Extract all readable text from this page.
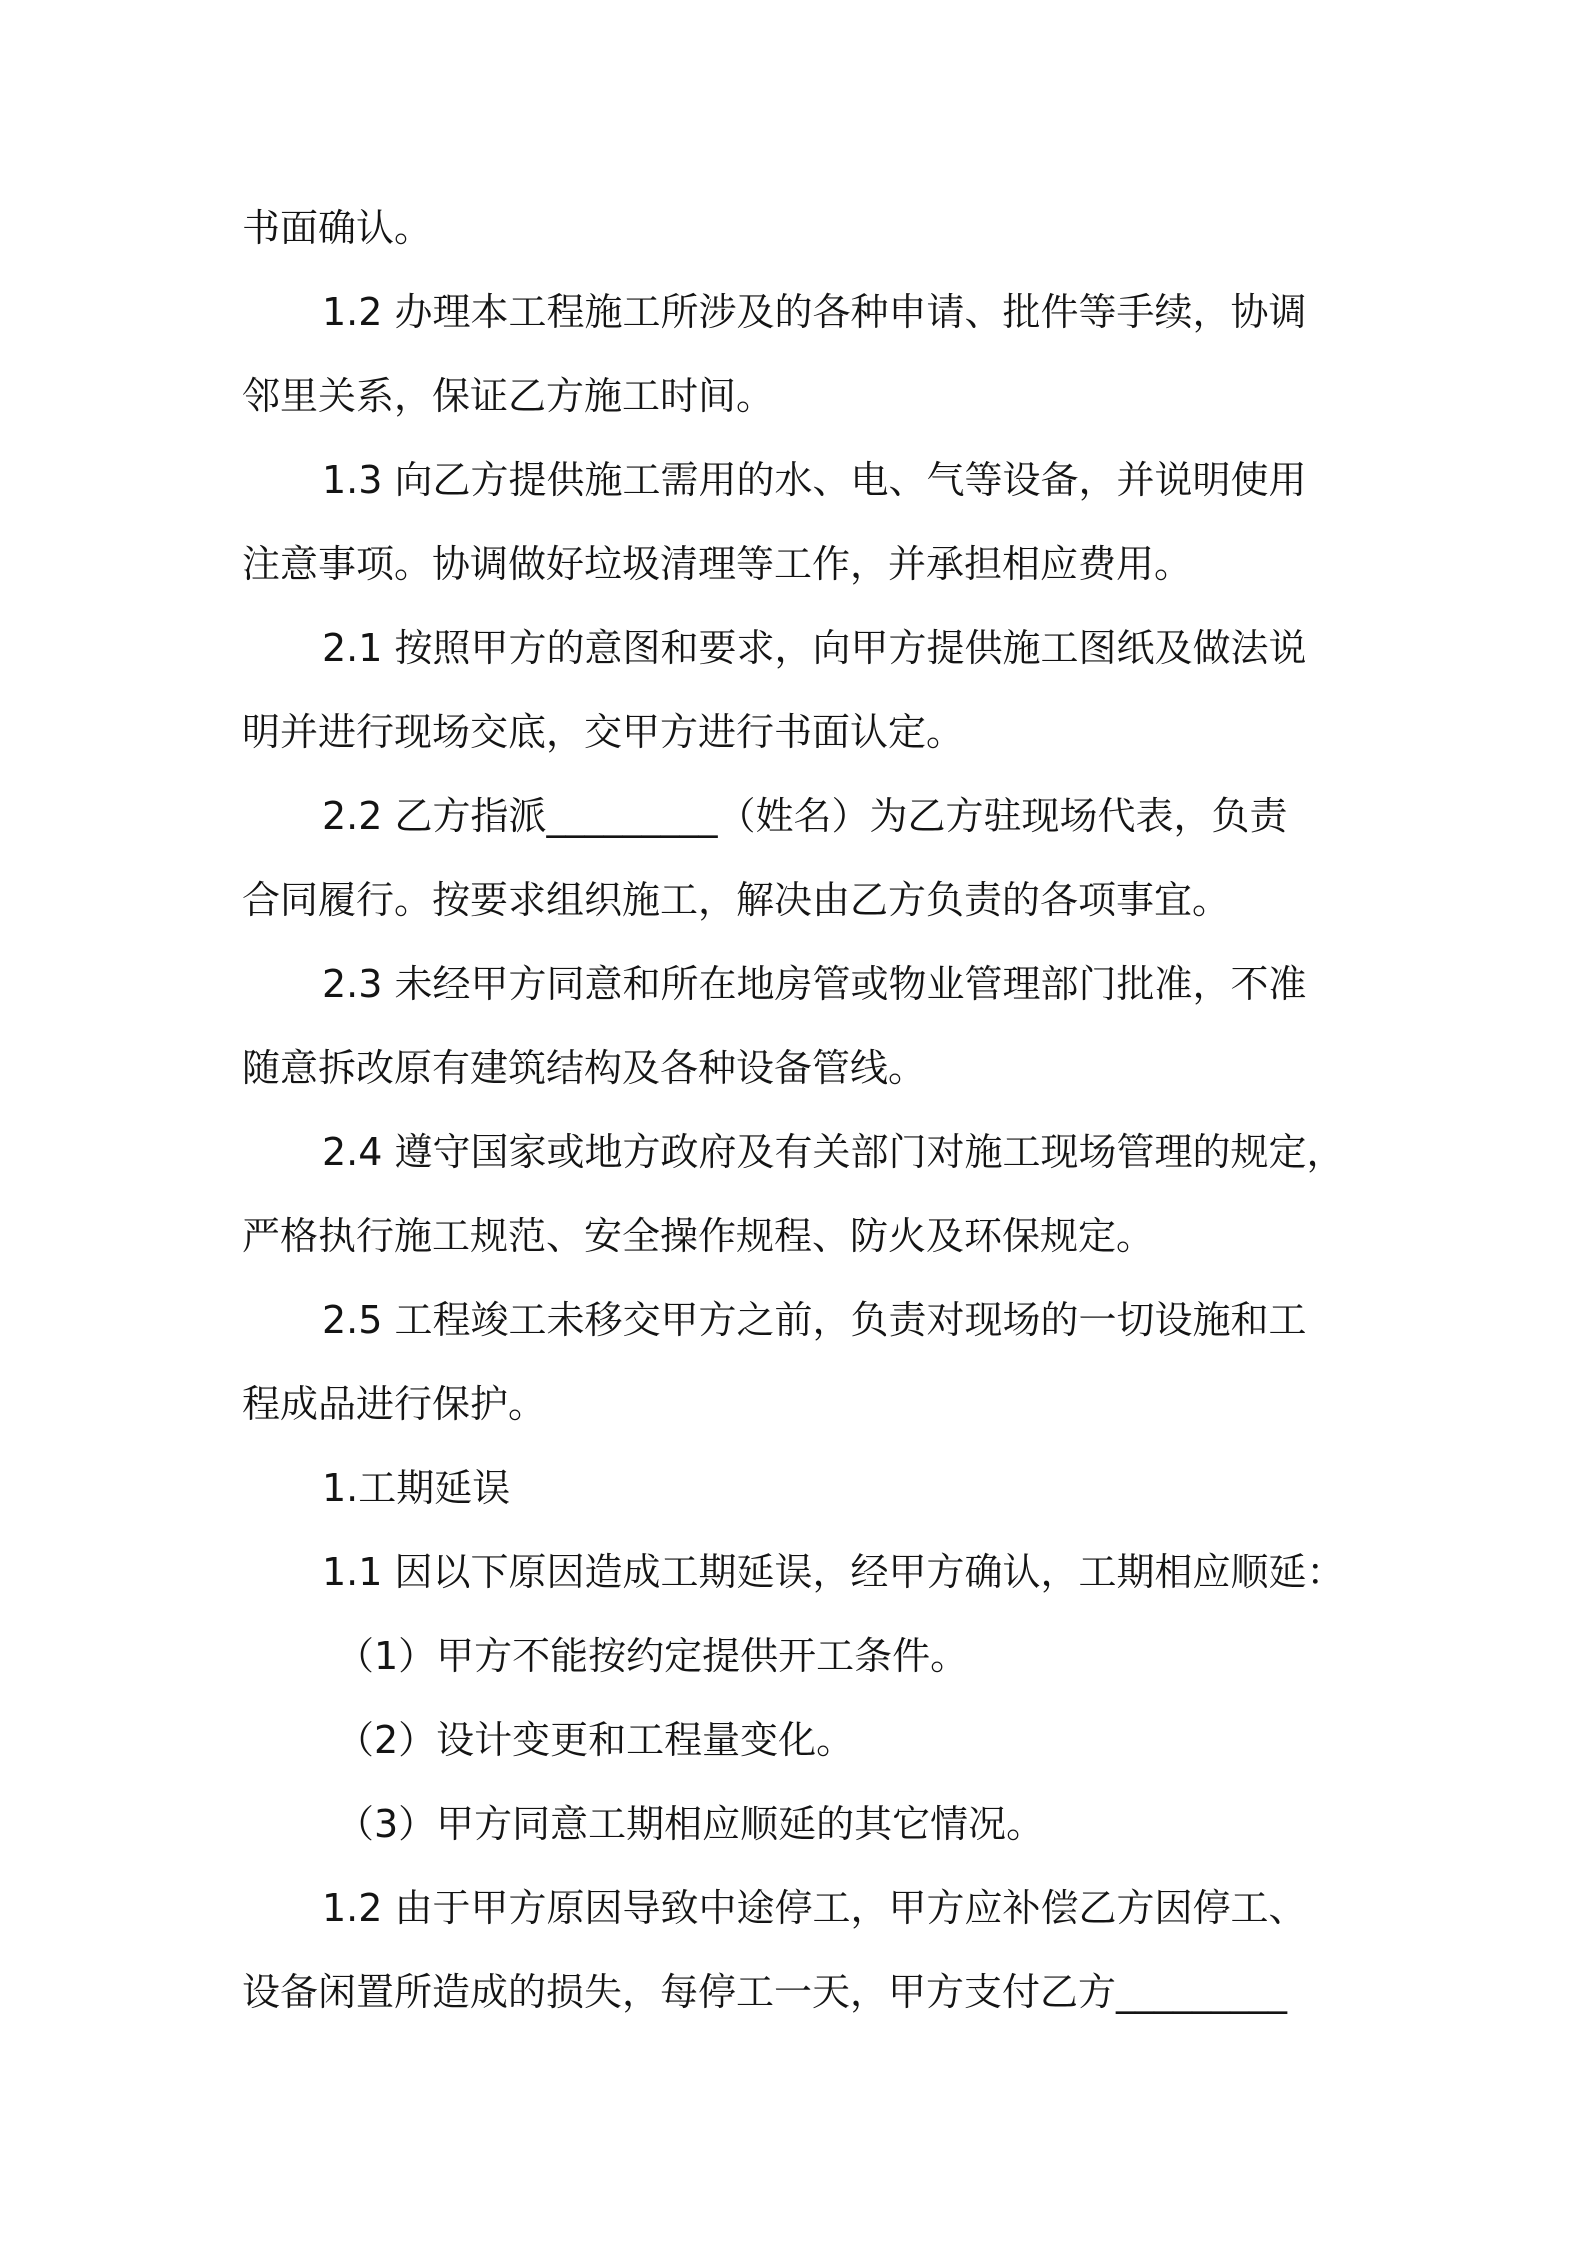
书面确认。
1.2 办理本工程施工所涉及的各种申请、批件等手续，协调
邻里关系，保证乙方施工时间。
1.3 向乙方提供施工需用的水、电、气等设备，并说明使用
注意事项。协调做好垃圾清理等工作，并承担相应费用。
2.1 按照甲方的意图和要求，向甲方提供施工图纸及做法说
明并进行现场交底，交甲方进行书面认定。
2.2 乙方指派_________（姓名）为乙方驻现场代表，负责
合同履行。按要求组织施工，解决由乙方负责的各项事宜。
2.3 未经甲方同意和所在地房管或物业管理部门批准，不准
随意拆改原有建筑结构及各种设备管线。
2.4 遵守国家或地方政府及有关部门对施工现场管理的规定，
严格执行施工规范、安全操作规程、防火及环保规定。
2.5 工程竣工未移交甲方之前，负责对现场的一切设施和工
程成品进行保护。
1.工期延误
1.1 因以下原因造成工期延误，经甲方确认，工期相应顺延：
（1）甲方不能按约定提供开工条件。
（2）设计变更和工程量变化。
（3）甲方同意工期相应顺延的其它情况。
1.2 由于甲方原因导致中途停工，甲方应补偿乙方因停工、
设备闲置所造成的损失，每停工一天，甲方支付乙方_________
